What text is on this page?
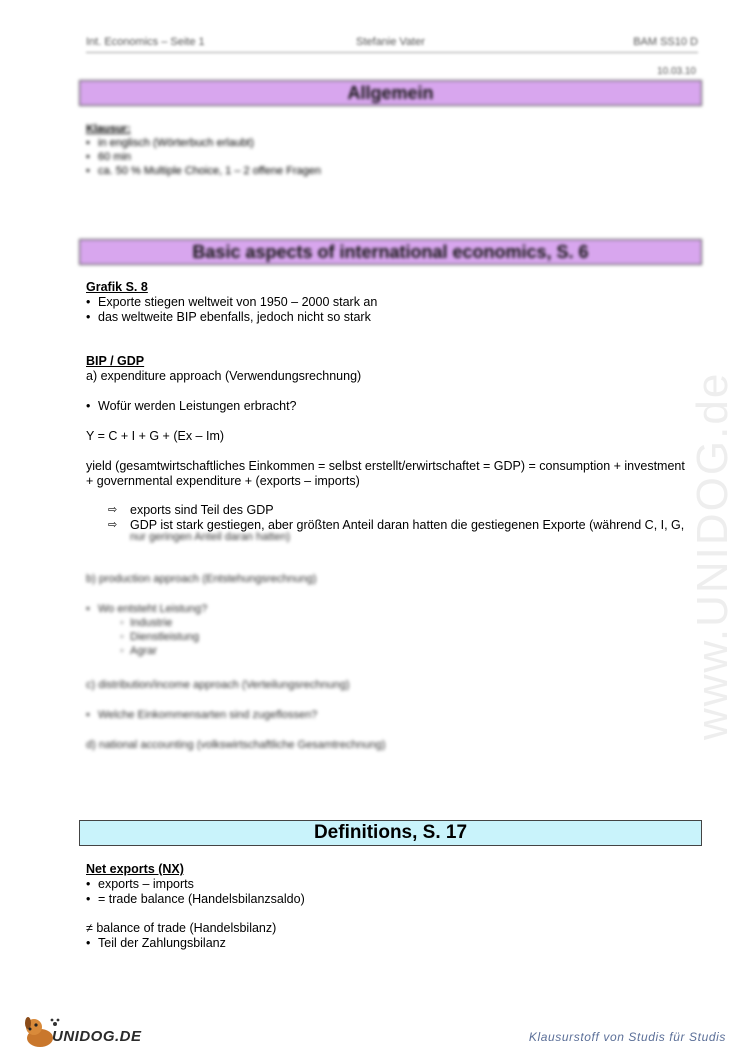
Int. Economics – Seite 1	Stefanie Vater	BAM SS10 D
10.03.10
Allgemein
Klausur:
• in englisch (Wörterbuch erlaubt)
• 60 min
• ca. 50 % Multiple Choice, 1 – 2 offene Fragen
Basic aspects of international economics, S. 6
Grafik S. 8
• Exporte stiegen weltweit von 1950 – 2000 stark an
• das weltweite BIP ebenfalls, jedoch nicht so stark
BIP / GDP
a) expenditure approach (Verwendungsrechnung)
• Wofür werden Leistungen erbracht?
Y = C + I + G + (Ex – Im)
yield (gesamtwirtschaftliches Einkommen = selbst erstellt/erwirtschaftet = GDP) = consumption + investment
+ governmental expenditure + (exports – imports)
⇨ exports sind Teil des GDP
⇨ GDP ist stark gestiegen, aber größten Anteil daran hatten die gestiegenen Exporte (während C, I, G,
nur geringen Anteil daran hatten)
b) production approach (Entstehungsrechnung)
• Wo entsteht Leistung?
◦ Industrie
◦ Dienstleistung
◦ Agrar
c) distribution/income approach (Verteilungsrechnung)
• Welche Einkommensarten sind zugeflossen?
d) national accounting (volkswirtschaftliche Gesamtrechnung)
Definitions, S. 17
Net exports (NX)
• exports – imports
• = trade balance (Handelsbilanzsaldo)
≠ balance of trade (Handelsbilanz)
• Teil der Zahlungsbilanz
www.UNIDOG.de
UNIDOG.DE	Klausurstoff von Studis für Studis
